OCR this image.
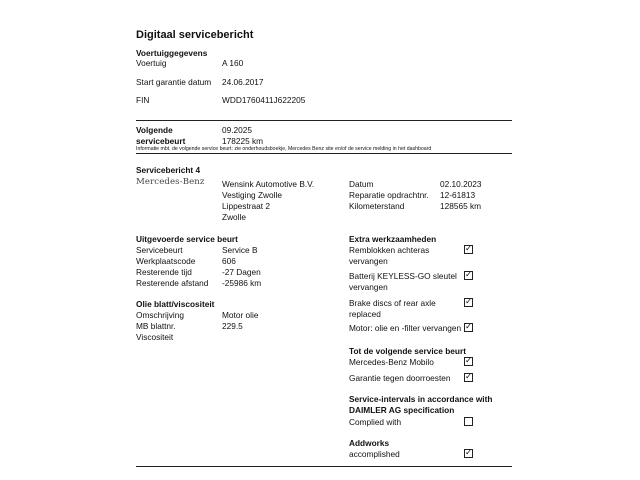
Digitaal servicebericht
Voertuiggegevens
Voertuig	A 160
Start garantie datum 24.06.2017
FIN	WDD1760411J622205
Volgende
servicebeurt
09.2025
178225 km
Informatie mbt. de volgende service beurt: zie onderhoudsboekje, Mercedes Benz site en/of de service melding in het dashboard
Servicebericht 4
Mercedes-Benz Wensink Automotive B.V.
Vestiging Zwolle
Lippestraat 2
Zwolle
Datum	02.10.2023
Reparatie opdrachtnr. 12-61813
Kilometerstand	128565 km
Uitgevoerde service beurt
Servicebeurt	Service B
Werkplaatscode	606
Resterende tijd	-27 Dagen
Resterende afstand -25986 km
Olie blatt/viscositeit
Omschrijving	Motor olie
MB blattnr.	229.5
Viscositeit
Extra werkzaamheden
Remblokken achteras
vervangen
✓
Batterij KEYLESS-GO sleutel
vervangen
✓
Brake discs of rear axle
replaced
✓
Motor: olie en -filter vervangen ✓
Tot de volgende service beurt
Mercedes-Benz Mobilo	✓
Garantie tegen doorroesten ✓
Service-intervals in accordance with
DAIMLER AG specification
Complied with
Addworks
accomplished	✓
